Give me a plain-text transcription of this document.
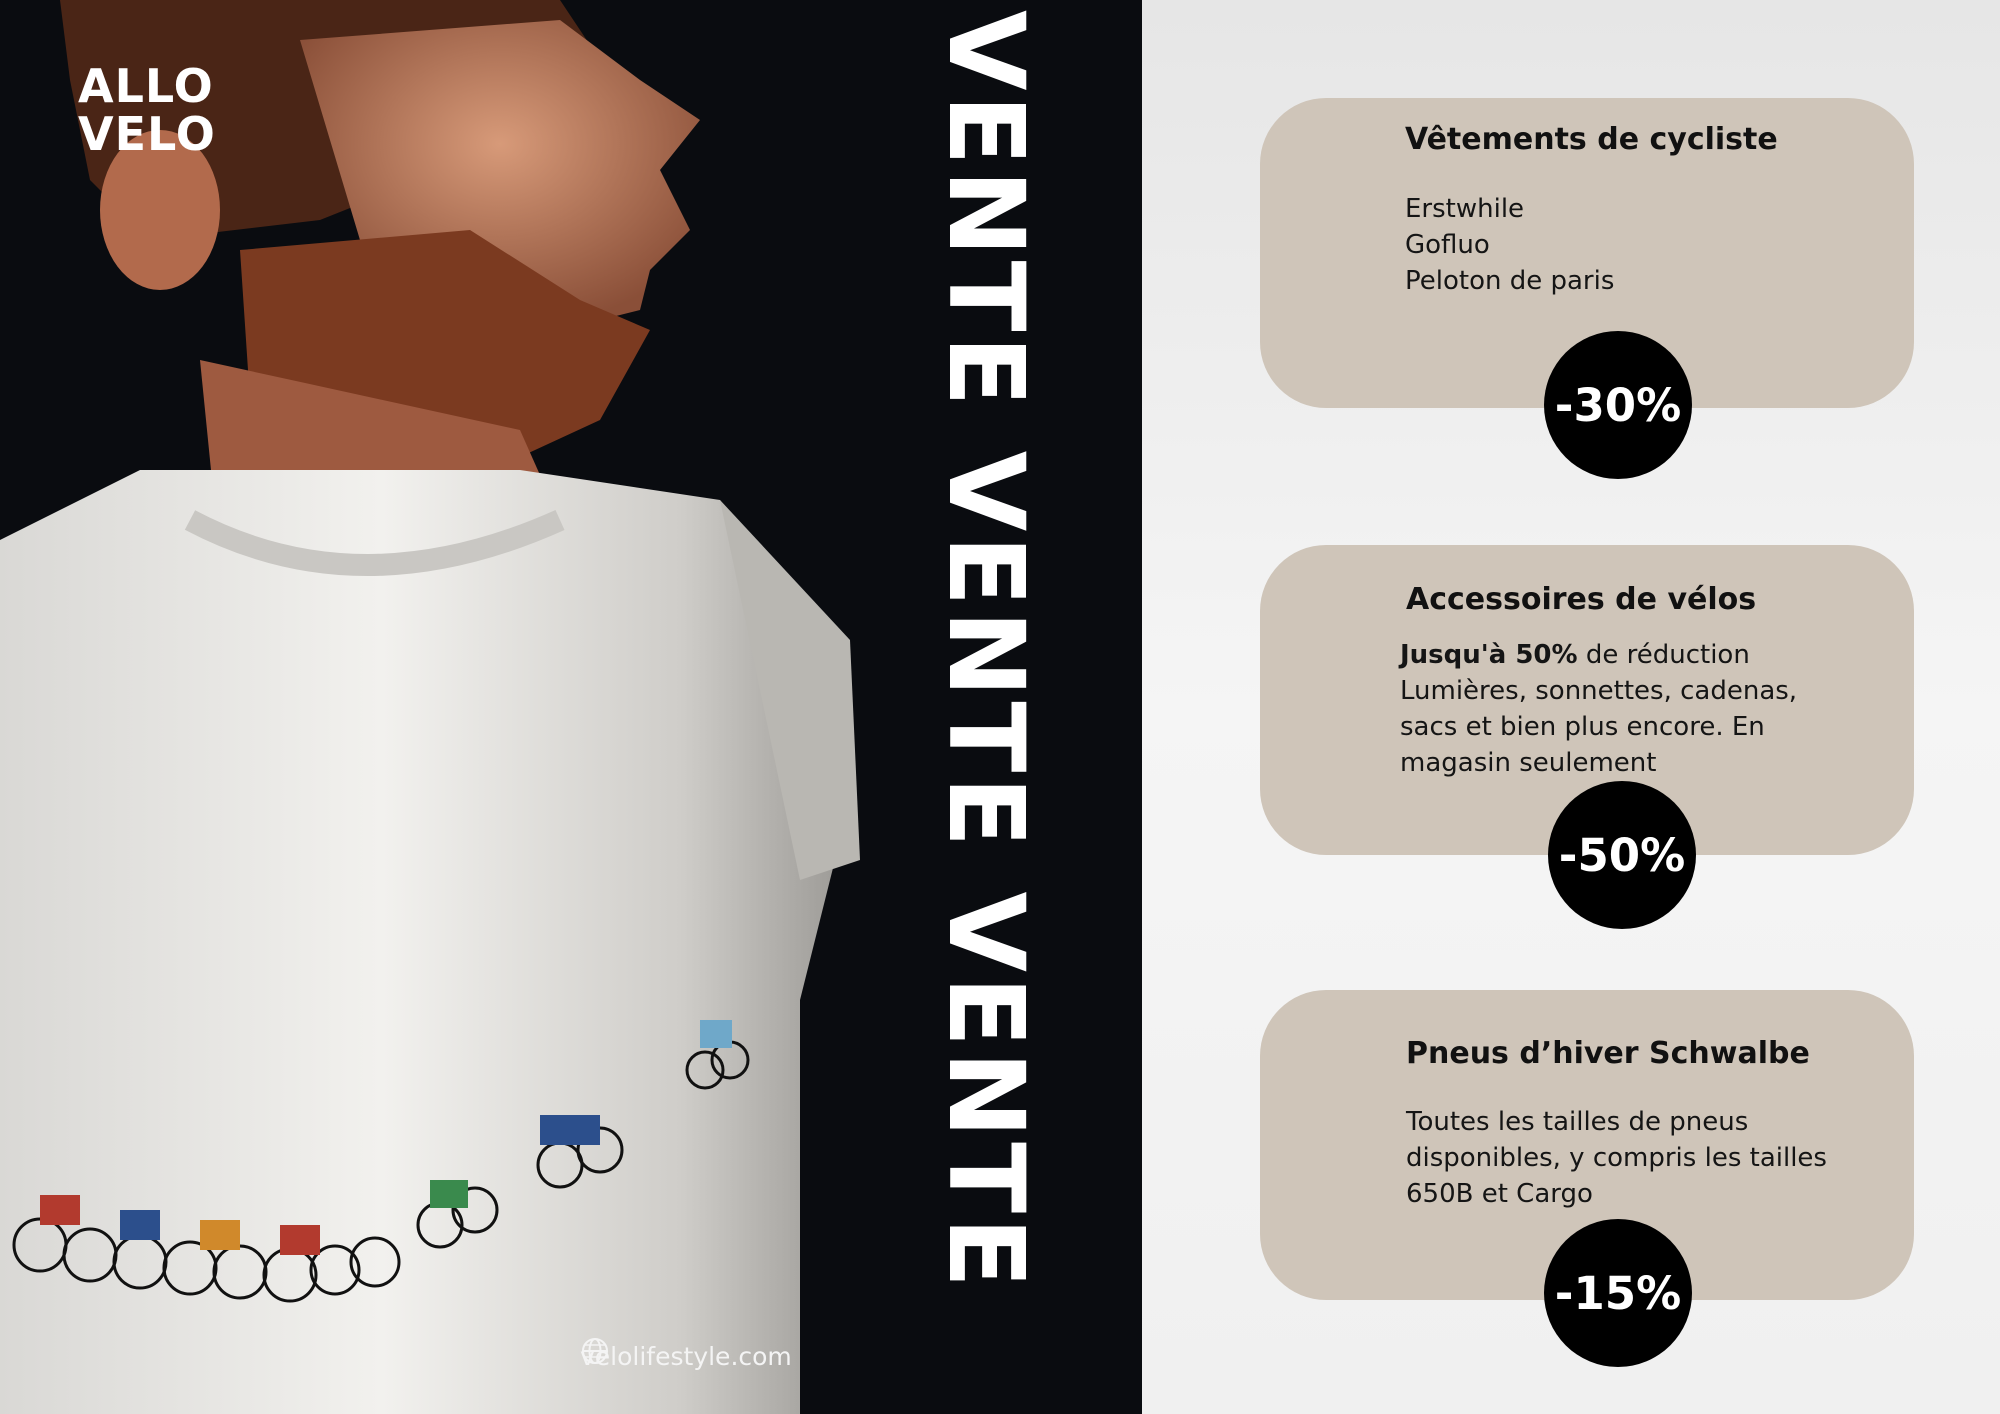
ALLO
VELO	VENTE VENTE VENTE
velolifestyle.com
Vêtements de cycliste
Erstwhile
Gofluo
Peloton de paris
-30%
Accessoires de vélos
Jusqu'à 50% de réduction
Lumières, sonnettes, cadenas,
sacs et bien plus encore. En
magasin seulement
-50%
Pneus d’hiver Schwalbe
Toutes les tailles de pneus
disponibles, y compris les tailles
650B et Cargo
-15%
